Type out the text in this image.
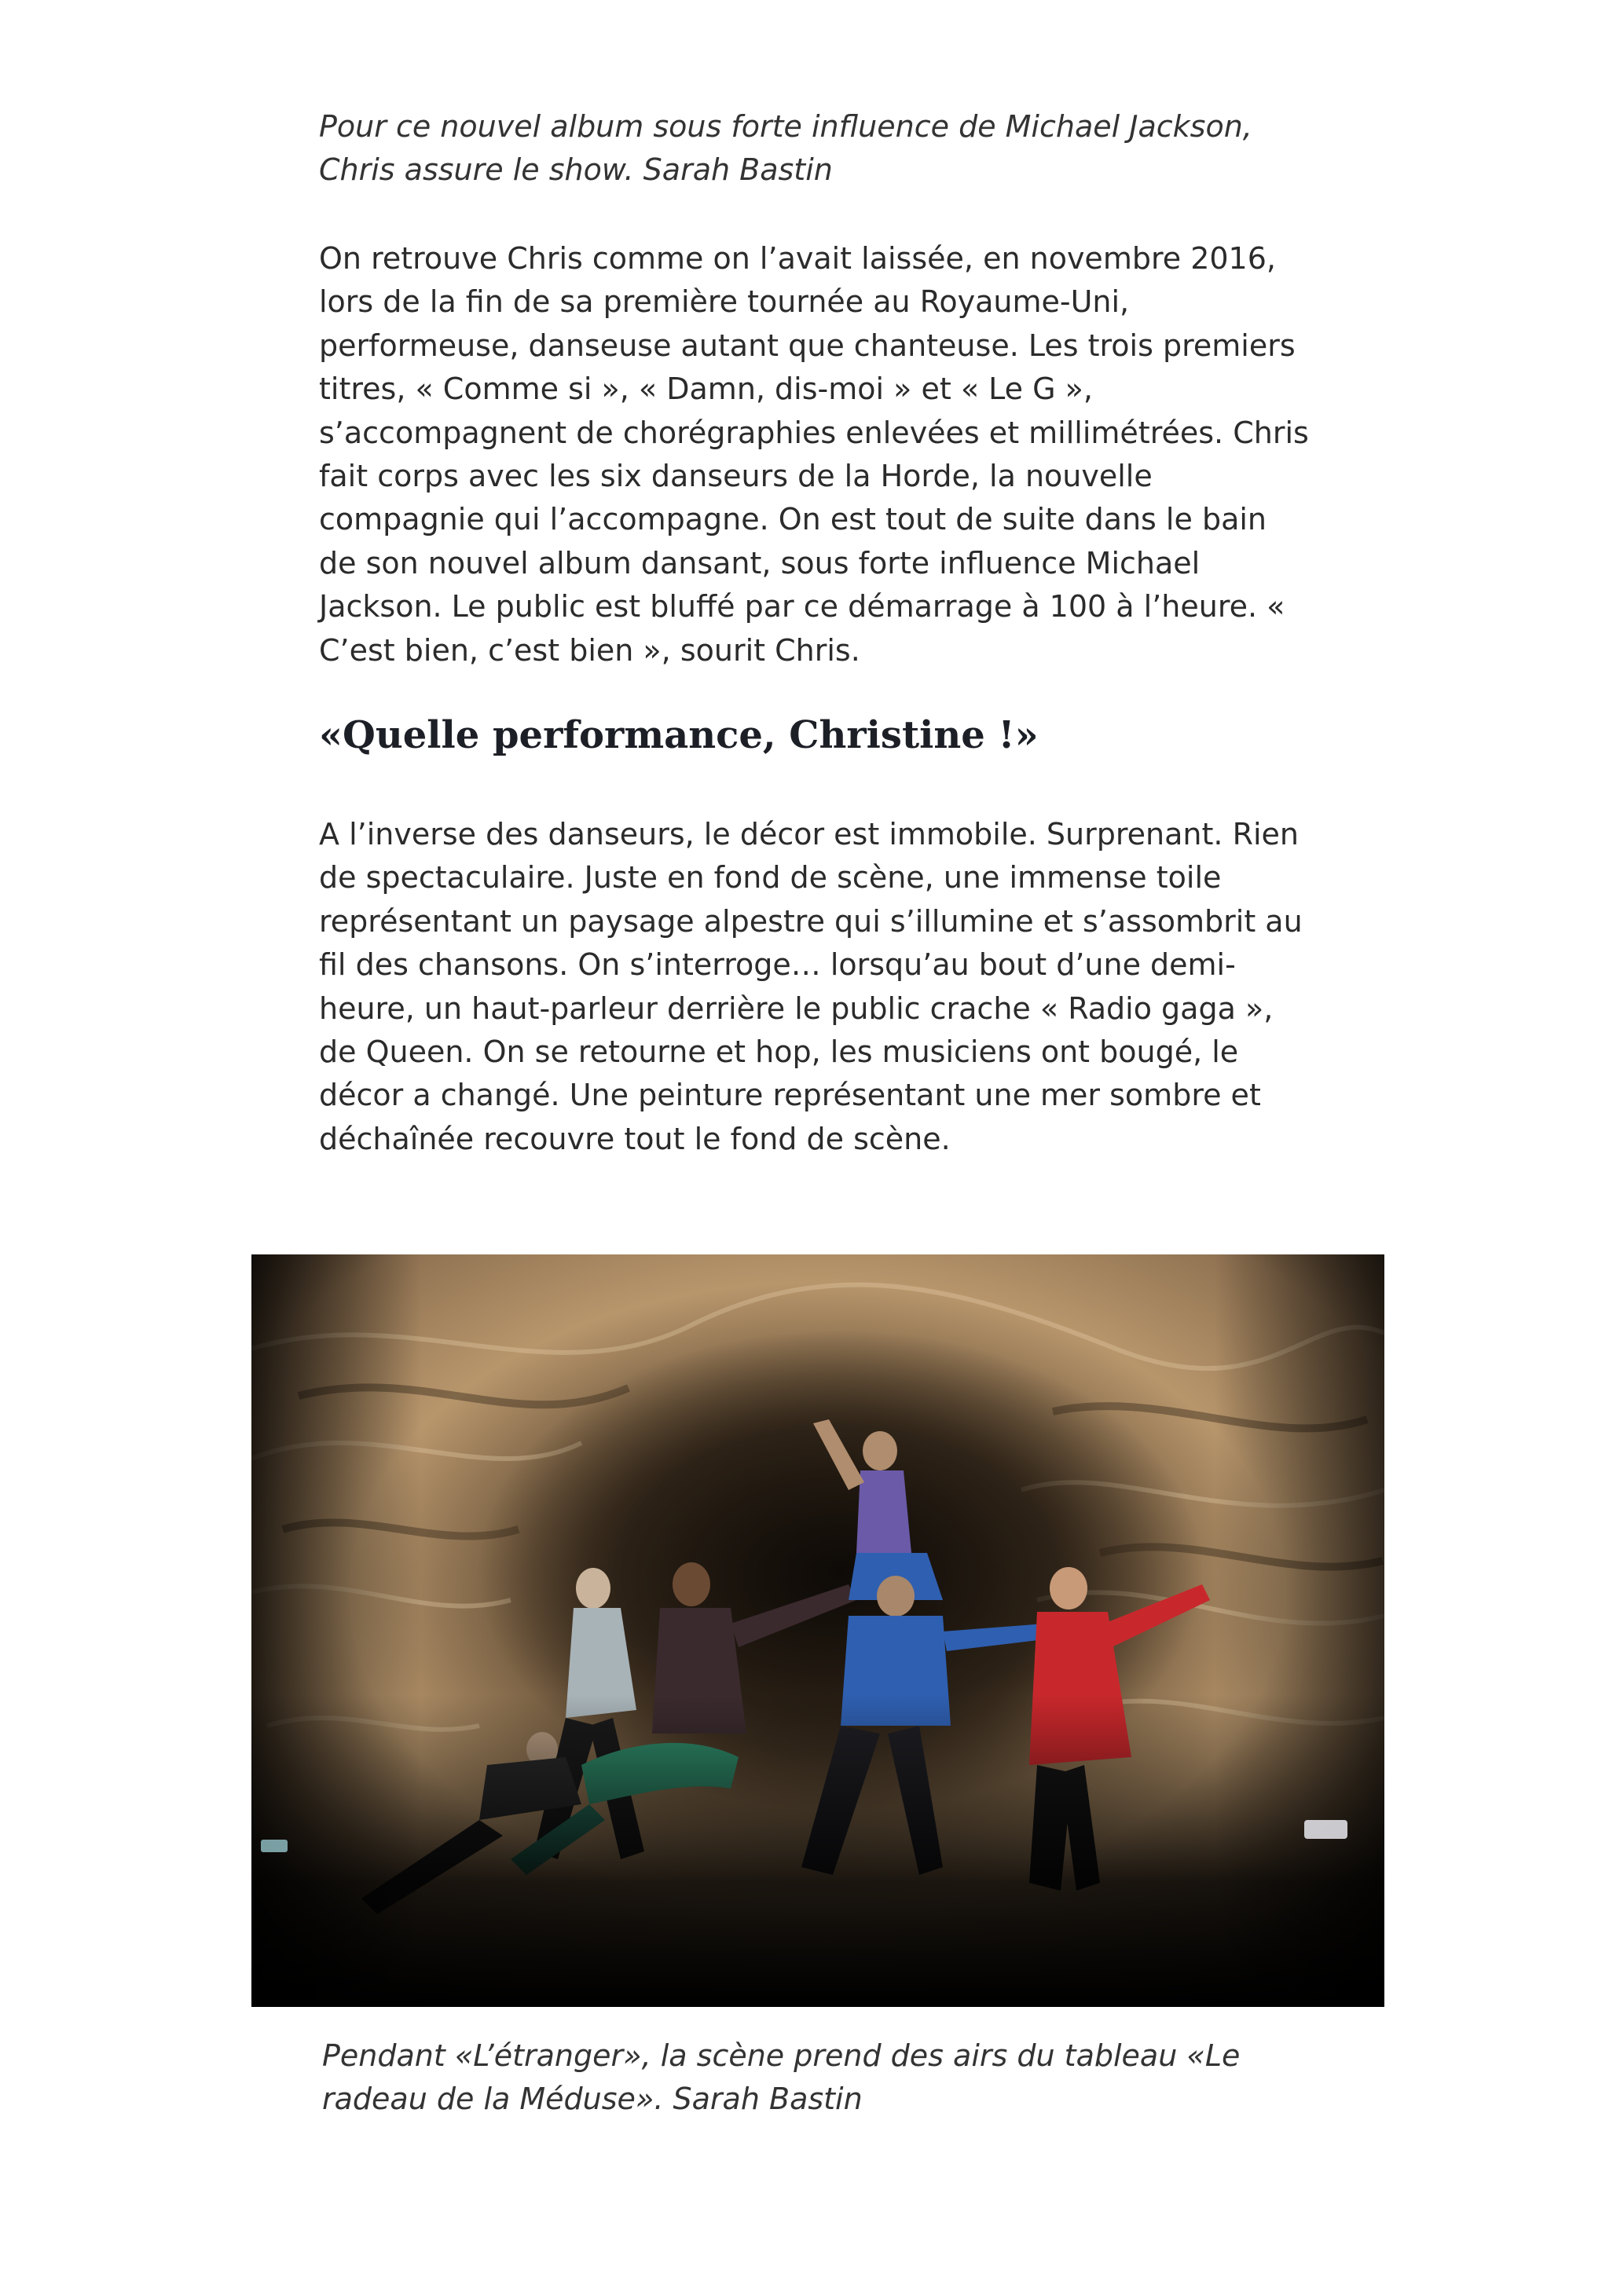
Pour ce nouvel album sous forte influence de Michael Jackson, Chris assure le show. Sarah Bastin

On retrouve Chris comme on l’avait laissée, en novembre 2016, lors de la fin de sa première tournée au Royaume-Uni, performeuse, danseuse autant que chanteuse. Les trois premiers titres, « Comme si », « Damn, dis-moi » et « Le G », s’accompagnent de chorégraphies enlevées et millimétrées. Chris fait corps avec les six danseurs de la Horde, la nouvelle compagnie qui l’accompagne. On est tout de suite dans le bain de son nouvel album dansant, sous forte influence Michael Jackson. Le public est bluffé par ce démarrage à 100 à l’heure. « C’est bien, c’est bien », sourit Chris.

«Quelle performance, Christine !»

A l’inverse des danseurs, le décor est immobile. Surprenant. Rien de spectaculaire. Juste en fond de scène, une immense toile représentant un paysage alpestre qui s’illumine et s’assombrit au fil des chansons. On s’interroge… lorsqu’au bout d’une demi-heure, un haut-parleur derrière le public crache « Radio gaga », de Queen. On se retourne et hop, les musiciens ont bougé, le décor a changé. Une peinture représentant une mer sombre et déchaînée recouvre tout le fond de scène.

Pendant «L’étranger», la scène prend des airs du tableau «Le radeau de la Méduse». Sarah Bastin
